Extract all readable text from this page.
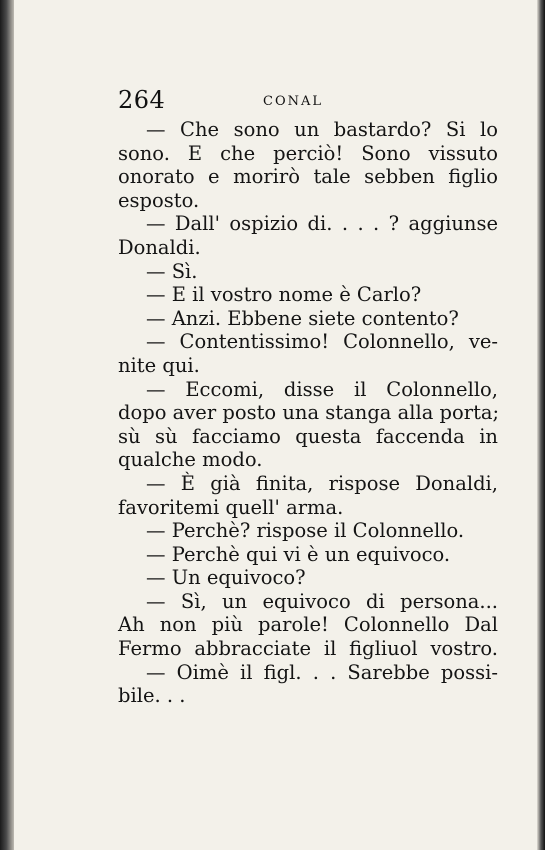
264	CONAL
— Che sono un bastardo? Si lo
sono. E che perciò! Sono vissuto
onorato e morirò tale sebben figlio
esposto.
— Dall' ospizio di. . . . ? aggiunse
Donaldi.
— Sì.
— E il vostro nome è Carlo?
— Anzi. Ebbene siete contento?
— Contentissimo! Colonnello, ve-
nite qui.
— Eccomi, disse il Colonnello,
dopo aver posto una stanga alla porta;
sù sù facciamo questa faccenda in
qualche modo.
— È già finita, rispose Donaldi,
favoritemi quell' arma.
— Perchè? rispose il Colonnello.
— Perchè qui vi è un equivoco.
— Un equivoco?
— Sì, un equivoco di persona...
Ah non più parole! Colonnello Dal
Fermo abbracciate il figliuol vostro.
— Oimè il figl. . . Sarebbe possi-
bile. . .
